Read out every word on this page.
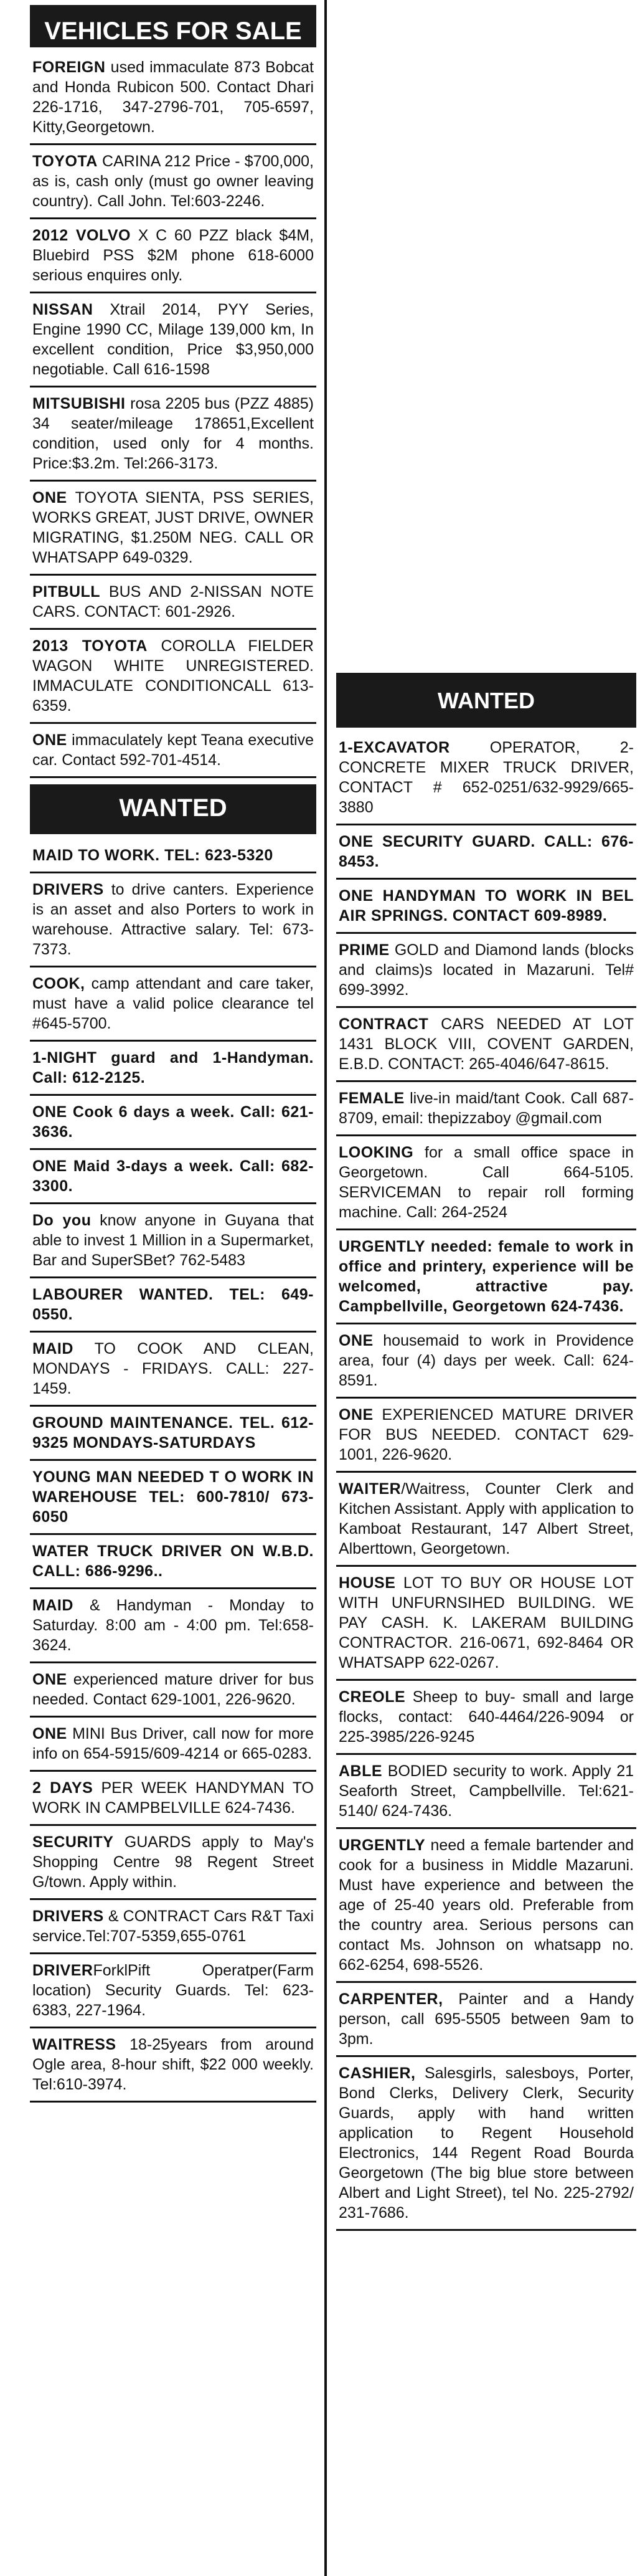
VEHICLES FOR SALE
FOREIGN used immaculate 873 Bobcat and Honda Rubicon 500. Contact Dhari 226-1716, 347-2796-701, 705-6597, Kitty,Georgetown.
TOYOTA CARINA 212 Price - $700,000, as is, cash only (must go owner leaving country). Call John. Tel:603-2246.
2012 VOLVO X C 60 PZZ black $4M, Bluebird PSS $2M phone 618-6000 serious enquires only.
NISSAN Xtrail 2014, PYY Series, Engine 1990 CC, Milage 139,000 km, In excellent condition, Price $3,950,000 negotiable. Call 616-1598
MITSUBISHI rosa 2205 bus (PZZ 4885) 34 seater/mileage 178651,Excellent condition, used only for 4 months. Price:$3.2m. Tel:266-3173.
ONE TOYOTA SIENTA, PSS SERIES, WORKS GREAT, JUST DRIVE, OWNER MIGRATING, $1.250M NEG. CALL OR WHATSAPP 649-0329.
PITBULL BUS AND 2-NISSAN NOTE CARS. CONTACT: 601-2926.
2013 TOYOTA COROLLA FIELDER WAGON WHITE UNREGISTERED. IMMACULATE CONDITIONCALL 613-6359.
ONE immaculately kept Teana executive car. Contact 592-701-4514.
WANTED
MAID TO WORK. TEL: 623-5320
DRIVERS to drive canters. Experience is an asset and also Porters to work in warehouse. Attractive salary. Tel: 673-7373.
COOK, camp attendant and care taker, must have a valid police clearance tel #645-5700.
1-NIGHT guard and 1-Handyman. Call: 612-2125.
ONE Cook 6 days a week. Call: 621-3636.
ONE Maid 3-days a week. Call: 682-3300.
Do you know anyone in Guyana that able to invest 1 Million in a Supermarket, Bar and SuperSBet? 762-5483
LABOURER WANTED. TEL: 649-0550.
MAID TO COOK AND CLEAN, MONDAYS - FRIDAYS. CALL: 227-1459.
GROUND MAINTENANCE. TEL. 612-9325 MONDAYS-SATURDAYS
YOUNG MAN NEEDED T O WORK IN WAREHOUSE TEL: 600-7810/ 673-6050
WATER TRUCK DRIVER ON W.B.D. CALL: 686-9296..
MAID & Handyman - Monday to Saturday. 8:00 am - 4:00 pm. Tel:658-3624.
ONE experienced mature driver for bus needed. Contact 629-1001, 226-9620.
ONE MINI Bus Driver, call now for more info on 654-5915/609-4214 or 665-0283.
2 DAYS PER WEEK HANDYMAN TO WORK IN CAMPBELVILLE 624-7436.
SECURITY GUARDS apply to May's Shopping Centre 98 Regent Street G/town. Apply within.
DRIVERS & CONTRACT Cars R&T Taxi service.Tel:707-5359,655-0761
DRIVERForklPift Operatper(Farm location) Security Guards. Tel: 623-6383, 227-1964.
WAITRESS 18-25years from around Ogle area, 8-hour shift, $22 000 weekly. Tel:610-3974.
WANTED
1-EXCAVATOR OPERATOR, 2- CONCRETE MIXER TRUCK DRIVER, CONTACT # 652-0251/632-9929/665-3880
ONE SECURITY GUARD. CALL: 676-8453.
ONE HANDYMAN TO WORK IN BEL AIR SPRINGS. CONTACT 609-8989.
PRIME GOLD and Diamond lands (blocks and claims)s located in Mazaruni. Tel# 699-3992.
CONTRACT CARS NEEDED AT LOT 1431 BLOCK VIII, COVENT GARDEN, E.B.D. CONTACT: 265-4046/647-8615.
FEMALE live-in maid/tant Cook. Call 687-8709, email: thepizzaboy @gmail.com
LOOKING for a small office space in Georgetown. Call 664-5105. SERVICEMAN to repair roll forming machine. Call: 264-2524
URGENTLY needed: female to work in office and printery, experience will be welcomed, attractive pay. Campbellville, Georgetown 624-7436.
ONE housemaid to work in Providence area, four (4) days per week. Call: 624-8591.
ONE EXPERIENCED MATURE DRIVER FOR BUS NEEDED. CONTACT 629-1001, 226-9620.
WAITER/Waitress, Counter Clerk and Kitchen Assistant. Apply with application to Kamboat Restaurant, 147 Albert Street, Alberttown, Georgetown.
HOUSE LOT TO BUY OR HOUSE LOT WITH UNFURNSIHED BUILDING. WE PAY CASH. K. LAKERAM BUILDING CONTRACTOR. 216-0671, 692-8464 OR WHATSAPP 622-0267.
CREOLE Sheep to buy- small and large flocks, contact: 640-4464/226-9094 or 225-3985/226-9245
ABLE BODIED security to work. Apply 21 Seaforth Street, Campbellville. Tel:621-5140/ 624-7436.
URGENTLY need a female bartender and cook for a business in Middle Mazaruni. Must have experience and between the age of 25-40 years old. Preferable from the country area. Serious persons can contact Ms. Johnson on whatsapp no. 662-6254, 698-5526.
CARPENTER, Painter and a Handy person, call 695-5505 between 9am to 3pm.
CASHIER, Salesgirls, salesboys, Porter, Bond Clerks, Delivery Clerk, Security Guards, apply with hand written application to Regent Household Electronics, 144 Regent Road Bourda Georgetown (The big blue store between Albert and Light Street), tel No. 225-2792/ 231-7686.
